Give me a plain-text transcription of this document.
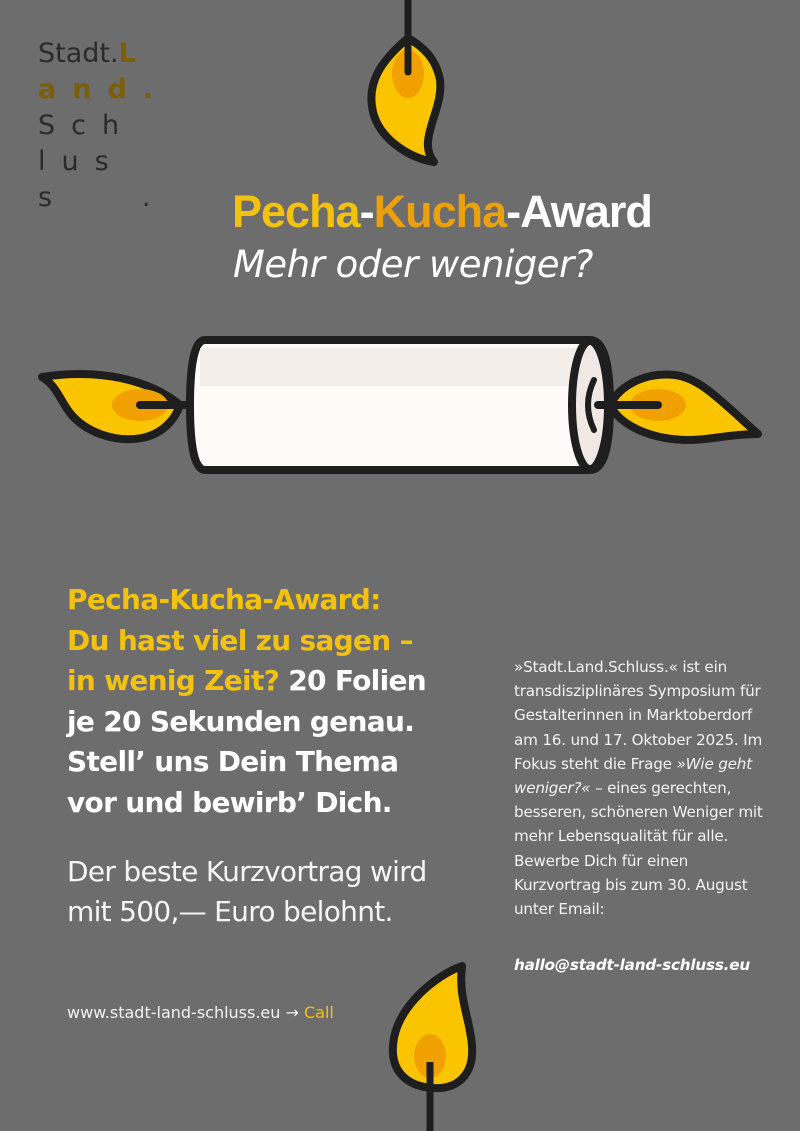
Stadt. L
and.
Sch
lus
s   . Pecha-Kucha-Award
Mehr oder weniger?
Pecha-Kucha-Award: Du hast viel zu sagen – in wenig Zeit? 20 Folien je 20 Sekunden genau. Stell’ uns Dein Thema vor und bewirb’ Dich.
Der beste Kurzvortrag wird mit 500,— Euro belohnt.
www.stadt-land-schluss.eu → Call
»Stadt.Land.Schluss.« ist ein transdisziplinäres Symposium für Gestalterinnen in Marktoberdorf am 16. und 17. Oktober 2025. Im Fokus steht die Frage »Wie geht weniger?« – eines gerechten, besseren, schöneren Weniger mit mehr Lebensqualität für alle. Bewerbe Dich für einen Kurzvortrag bis zum 30. August unter Email:
hallo@stadt-land-schluss.eu
